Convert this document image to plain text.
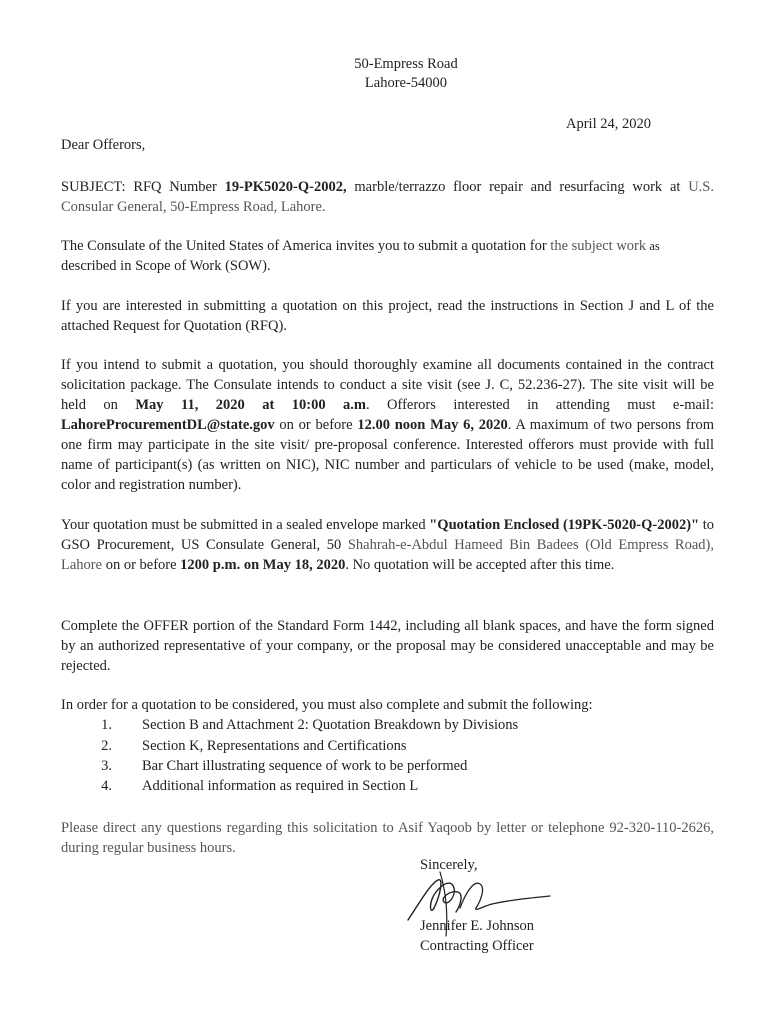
50-Empress Road
Lahore-54000
April 24, 2020
Dear Offerors,
SUBJECT: RFQ Number 19-PK5020-Q-2002, marble/terrazzo floor repair and resurfacing work at U.S. Consular General, 50-Empress Road, Lahore.
The Consulate of the United States of America invites you to submit a quotation for the subject work as
described in Scope of Work (SOW).
If you are interested in submitting a quotation on this project, read the instructions in Section J and L of the attached Request for Quotation (RFQ).
If you intend to submit a quotation, you should thoroughly examine all documents contained in the contract solicitation package. The Consulate intends to conduct a site visit (see J. C, 52.236-27). The site visit will be held on May 11, 2020 at 10:00 a.m. Offerors interested in attending must e-mail: LahoreProcurementDL@state.gov on or before 12.00 noon May 6, 2020. A maximum of two persons from one firm may participate in the site visit/ pre-proposal conference. Interested offerors must provide with full name of participant(s) (as written on NIC), NIC number and particulars of vehicle to be used (make, model, color and registration number).
Your quotation must be submitted in a sealed envelope marked "Quotation Enclosed (19PK-5020-Q-2002)" to GSO Procurement, US Consulate General, 50 Shahrah-e-Abdul Hameed Bin Badees (Old Empress Road), Lahore on or before 1200 p.m. on May 18, 2020. No quotation will be accepted after this time.
Complete the OFFER portion of the Standard Form 1442, including all blank spaces, and have the form signed by an authorized representative of your company, or the proposal may be considered unacceptable and may be rejected.
In order for a quotation to be considered, you must also complete and submit the following:
1. Section B and Attachment 2: Quotation Breakdown by Divisions
2. Section K, Representations and Certifications
3. Bar Chart illustrating sequence of work to be performed
4. Additional information as required in Section L
Please direct any questions regarding this solicitation to Asif Yaqoob by letter or telephone 92-320-110-2626, during regular business hours.
Sincerely,
Jennifer E. Johnson
Contracting Officer
